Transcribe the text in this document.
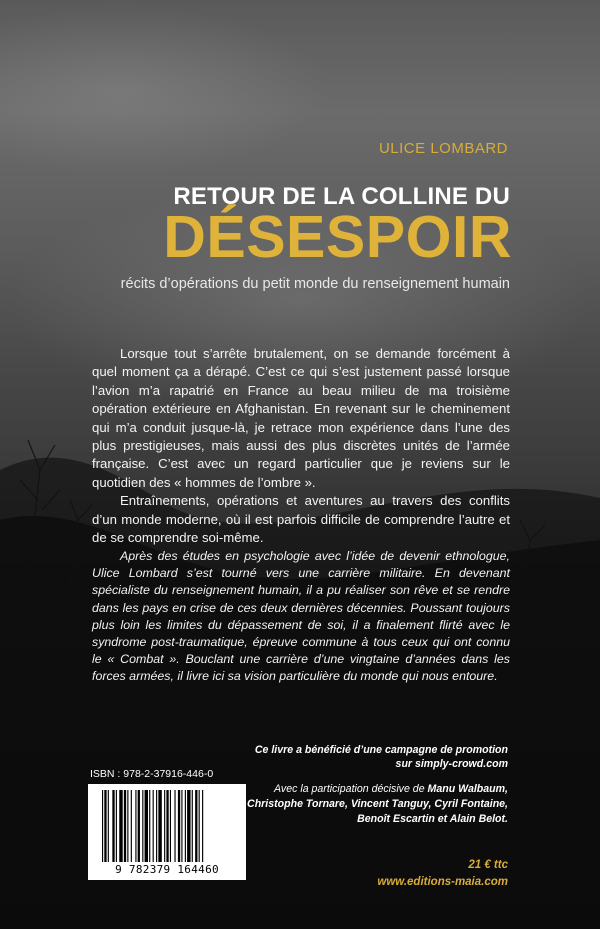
ULICE LOMBARD
RETOUR DE LA COLLINE DU
DÉSESPOIR
récits d’opérations du petit monde du renseignement humain

Lorsque tout s’arrête brutalement, on se demande forcément à quel moment ça a dérapé. C’est ce qui s’est justement passé lorsque l’avion m’a rapatrié en France au beau milieu de ma troisième opération extérieure en Afghanistan. En revenant sur le cheminement qui m’a conduit jusque-là, je retrace mon expérience dans l’une des plus prestigieuses, mais aussi des plus discrètes unités de l’armée française. C’est avec un regard particulier que je reviens sur le quotidien des « hommes de l’ombre ».

Entraînements, opérations et aventures au travers des conflits d’un monde moderne, où il est parfois difficile de comprendre l’autre et de se comprendre soi-même.

Après des études en psychologie avec l’idée de devenir ethnologue, Ulice Lombard s’est tourné vers une carrière militaire. En devenant spécialiste du renseignement humain, il a pu réaliser son rêve et se rendre dans les pays en crise de ces deux dernières décennies. Poussant toujours plus loin les limites du dépassement de soi, il a finalement flirté avec le syndrome post-traumatique, épreuve commune à tous ceux qui ont connu le « Combat ». Bouclant une carrière d’une vingtaine d’années dans les forces armées, il livre ici sa vision particulière du monde qui nous entoure.

Ce livre a bénéficié d’une campagne de promotion
sur simply-crowd.com
Avec la participation décisive de Manu Walbaum,
Christophe Tornare, Vincent Tanguy, Cyril Fontaine,
Benoît Escartin et Alain Belot.
ISBN : 978-2-37916-446-0
9 782379 164460	21 € ttc
www.editions-maia.com
